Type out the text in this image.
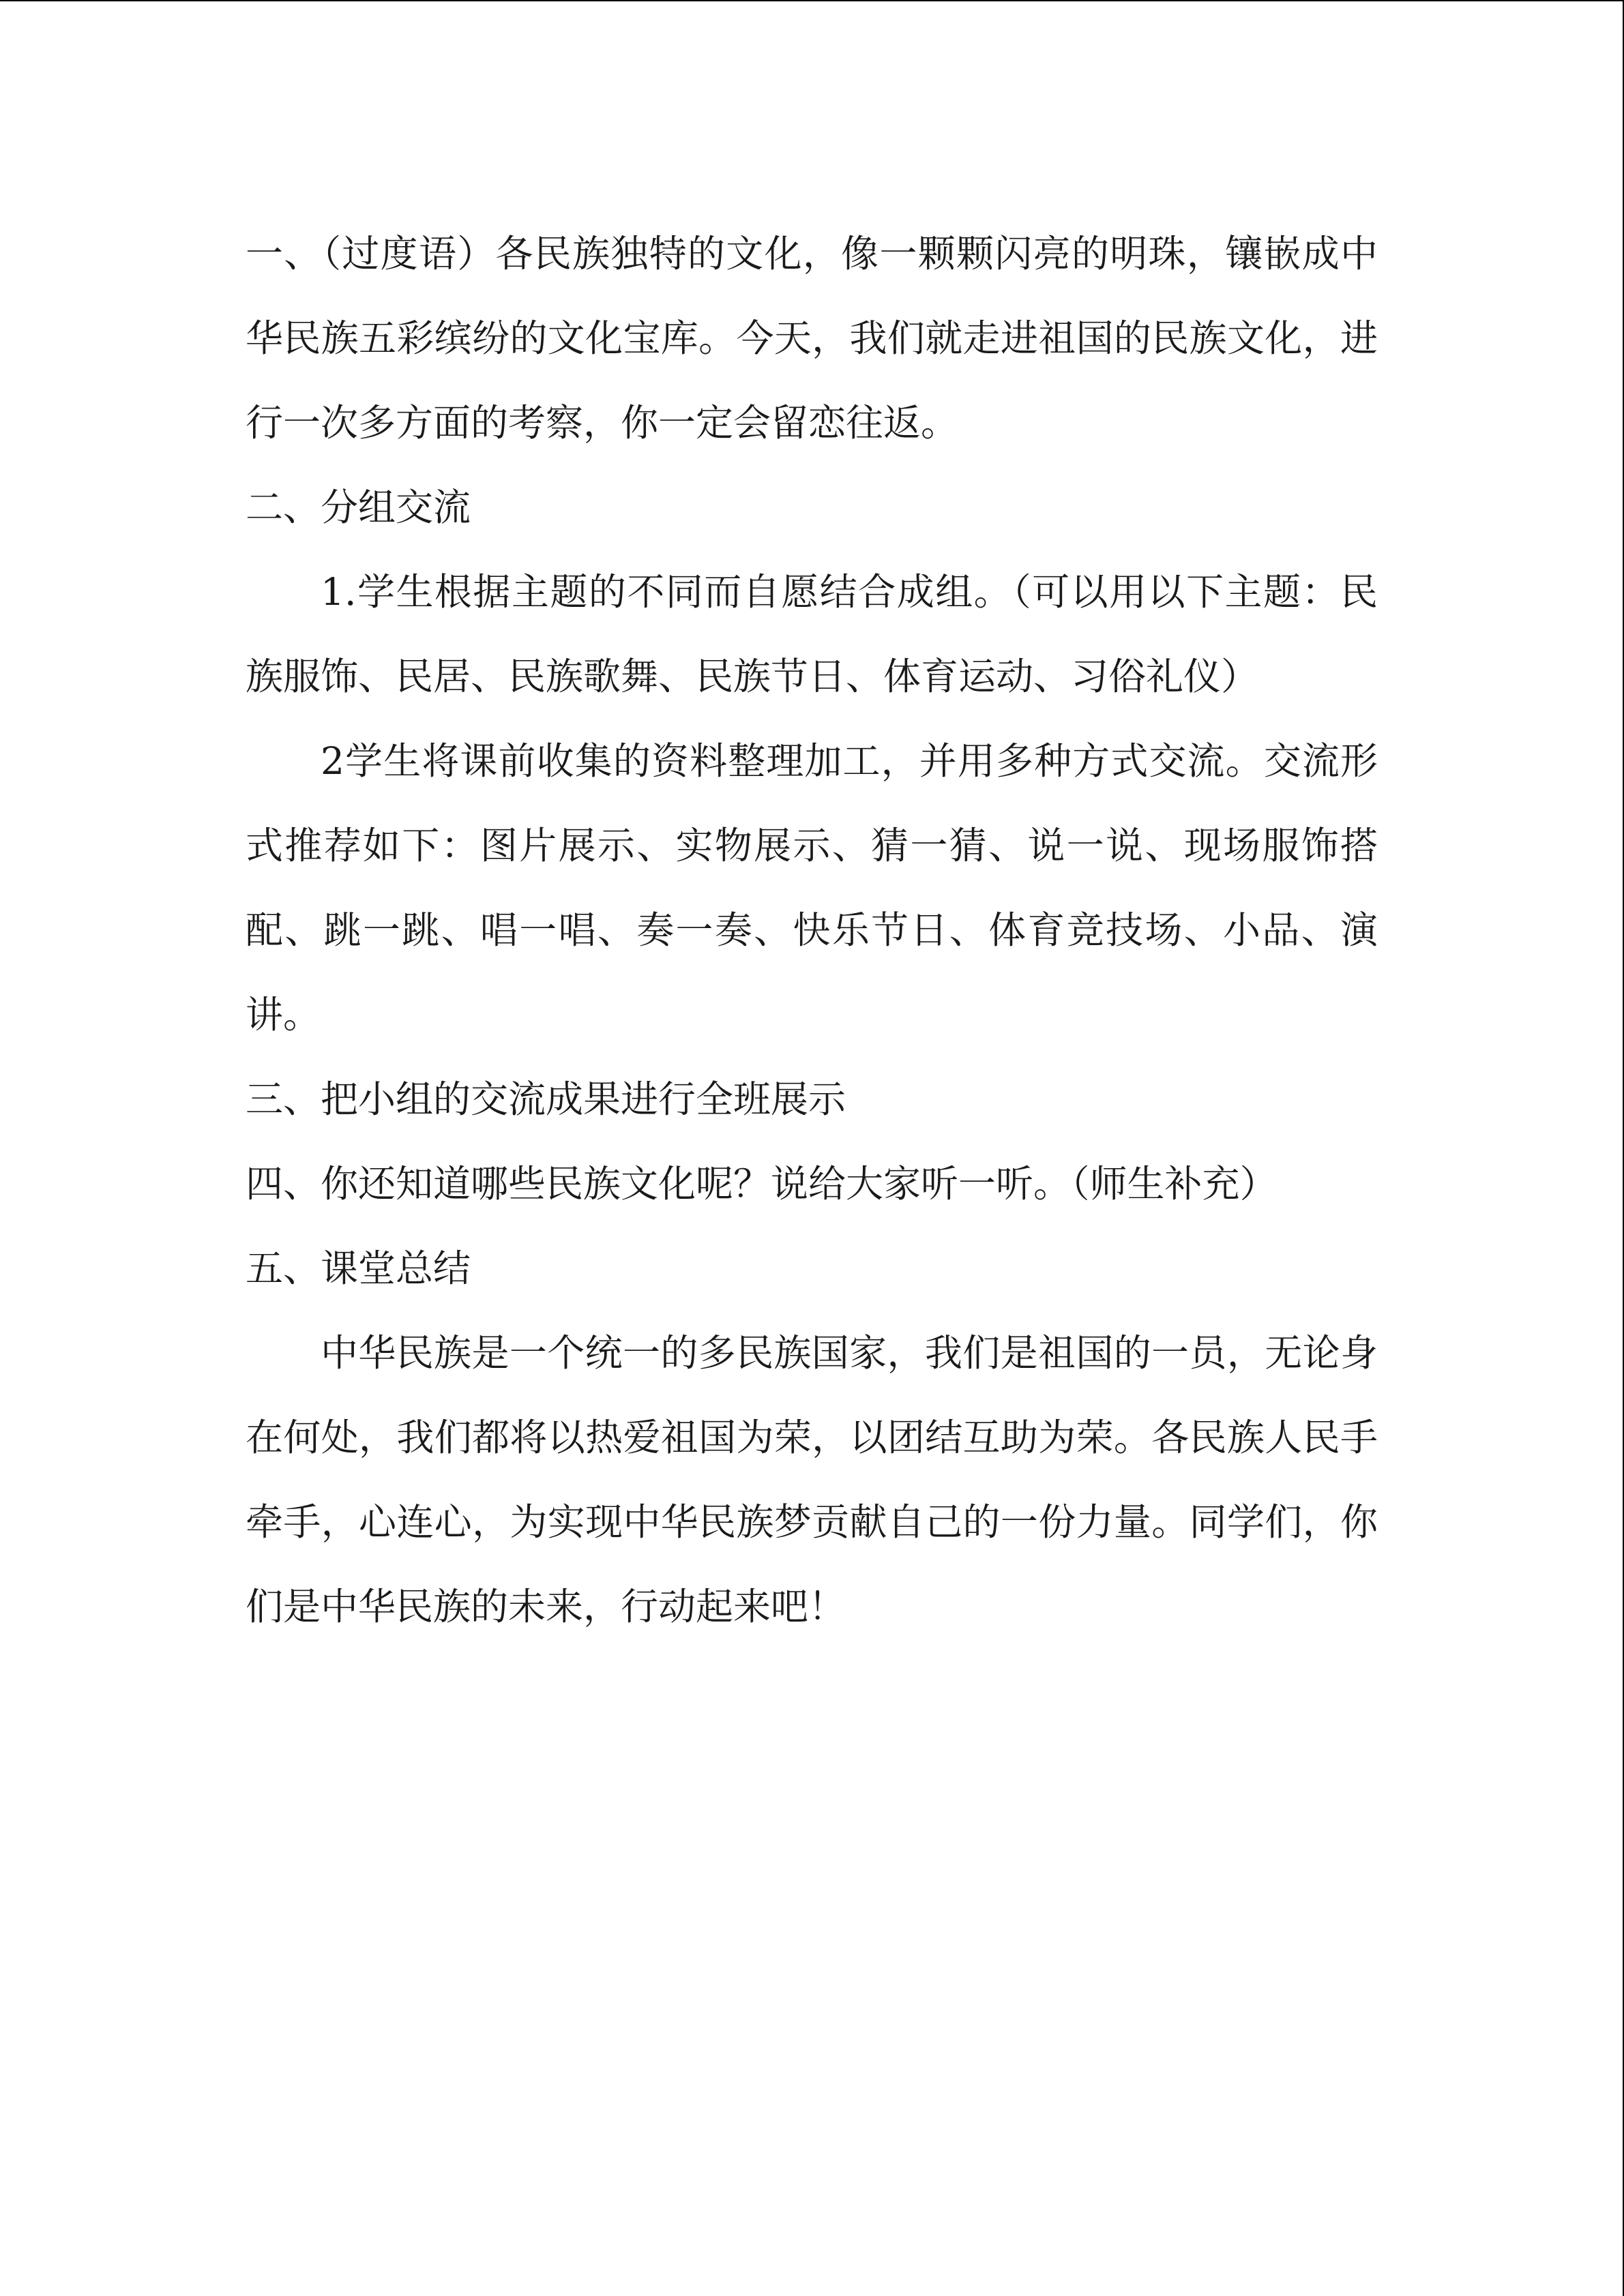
一、（过度语）各民族独特的文化，像一颗颗闪亮的明珠，镶嵌成中华民族五彩缤纷的文化宝库。今天，我们就走进祖国的民族文化，进行一次多方面的考察，你一定会留恋往返。

二、分组交流

1.学生根据主题的不同而自愿结合成组。（可以用以下主题：民族服饰、民居、民族歌舞、民族节日、体育运动、习俗礼仪）

2学生将课前收集的资料整理加工，并用多种方式交流。交流形式推荐如下：图片展示、实物展示、猜一猜、说一说、现场服饰搭配、跳一跳、唱一唱、奏一奏、快乐节日、体育竞技场、小品、演讲。

三、把小组的交流成果进行全班展示

四、你还知道哪些民族文化呢？说给大家听一听。（师生补充）

五、课堂总结

中华民族是一个统一的多民族国家，我们是祖国的一员，无论身在何处，我们都将以热爱祖国为荣，以团结互助为荣。各民族人民手牵手，心连心，为实现中华民族梦贡献自己的一份力量。同学们，你们是中华民族的未来，行动起来吧！
